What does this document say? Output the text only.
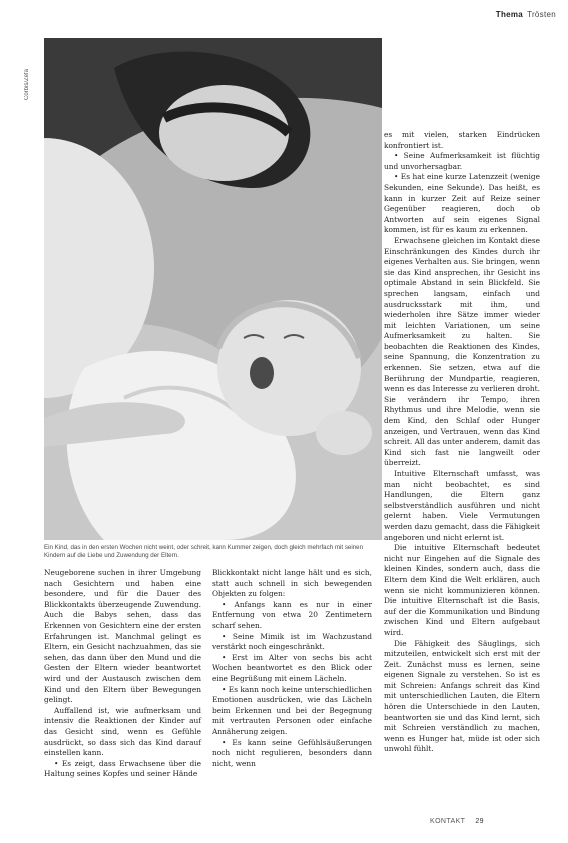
Thema Trösten
Corbis/Zefa
Ein Kind, das in den ersten Wochen nicht weint, oder schreit, kann Kummer zeigen, doch gleich mehrfach mit seinen Kindern auf die Liebe und Zuwendung der Eltern.

Neugeborene suchen in ihrer Umgebung nach Gesichtern und haben eine besondere, und für die Dauer des Blickkontakts überzeugende Zuwendung. Auch die Babys sehen, dass das Erkennen von Gesichtern eine der ersten Erfahrungen ist. Manchmal gelingt es Eltern, ein Gesicht nachzuahmen, das sie sehen, das dann über den Mund und die Gesten der Eltern wieder beantwortet wird und der Austausch zwischen dem Kind und den Eltern über Bewegungen gelingt.

Auffallend ist, wie aufmerksam und intensiv die Reaktionen der Kinder auf das Gesicht sind, wenn es Gefühle ausdrückt, so dass sich das Kind darauf einstellen kann.

• Es zeigt, dass Erwachsene über die Haltung seines Kopfes und seiner Hände

Blickkontakt nicht lange hält und es sich, statt auch schnell in sich bewegenden Objekten zu folgen:

• Anfangs kann es nur in einer Entfernung von etwa 20 Zentimetern scharf sehen.

• Seine Mimik ist im Wachzustand verstärkt noch eingeschränkt.

• Erst im Alter von sechs bis acht Wochen beantwortet es den Blick oder eine Begrüßung mit einem Lächeln.

• Es kann noch keine unterschiedlichen Emotionen ausdrücken, wie das Lächeln beim Erkennen und bei der Begegnung mit vertrauten Personen oder einfache Annäherung zeigen.

• Es kann seine Gefühlsäußerungen noch nicht regulieren, besonders dann nicht, wenn

es mit vielen, starken Eindrücken konfrontiert ist.

• Seine Aufmerksamkeit ist flüchtig und unvorhersagbar.

• Es hat eine kurze Latenzzeit (wenige Sekunden, eine Sekunde). Das heißt, es kann in kurzer Zeit auf Reize seiner Gegenüber reagieren, doch ob Antworten auf sein eigenes Signal kommen, ist für es kaum zu erkennen.

Erwachsene gleichen im Kontakt diese Einschränkungen des Kindes durch ihr eigenes Verhalten aus. Sie bringen, wenn sie das Kind ansprechen, ihr Gesicht ins optimale Abstand in sein Blickfeld. Sie sprechen langsam, einfach und ausdrucksstark mit ihm, und wiederholen ihre Sätze immer wieder mit leichten Variationen, um seine Aufmerksamkeit zu halten. Sie beobachten die Reaktionen des Kindes, seine Spannung, die Konzentration zu erkennen. Sie setzen, etwa auf die Berührung der Mundpartie, reagieren, wenn es das Interesse zu verlieren droht. Sie verändern ihr Tempo, ihren Rhythmus und ihre Melodie, wenn sie dem Kind, den Schlaf oder Hunger anzeigen, und Vertrauen, wenn das Kind schreit. All das unter anderem, damit das Kind sich fast nie langweilt oder überreizt.

Intuitive Elternschaft umfasst, was man nicht beobachtet, es sind Handlungen, die Eltern ganz selbstverständlich ausführen und nicht gelernt haben. Viele Vermutungen werden dazu gemacht, dass die Fähigkeit angeboren und nicht erlernt ist.

Die intuitive Elternschaft bedeutet nicht nur Eingehen auf die Signale des kleinen Kindes, sondern auch, dass die Eltern dem Kind die Welt erklären, auch wenn sie nicht kommunizieren können. Die intuitive Elternschaft ist die Basis, auf der die Kommunikation und Bindung zwischen Kind und Eltern aufgebaut wird.

Die Fähigkeit des Säuglings, sich mitzuteilen, entwickelt sich erst mit der Zeit. Zunächst muss es lernen, seine eigenen Signale zu verstehen. So ist es mit Schreien: Anfangs schreit das Kind mit unterschiedlichen Lauten, die Eltern hören die Unterschiede in den Lauten, beantworten sie und das Kind lernt, sich mit Schreien verständlich zu machen, wenn es Hunger hat, müde ist oder sich unwohl fühlt.

KONTAKT 29
